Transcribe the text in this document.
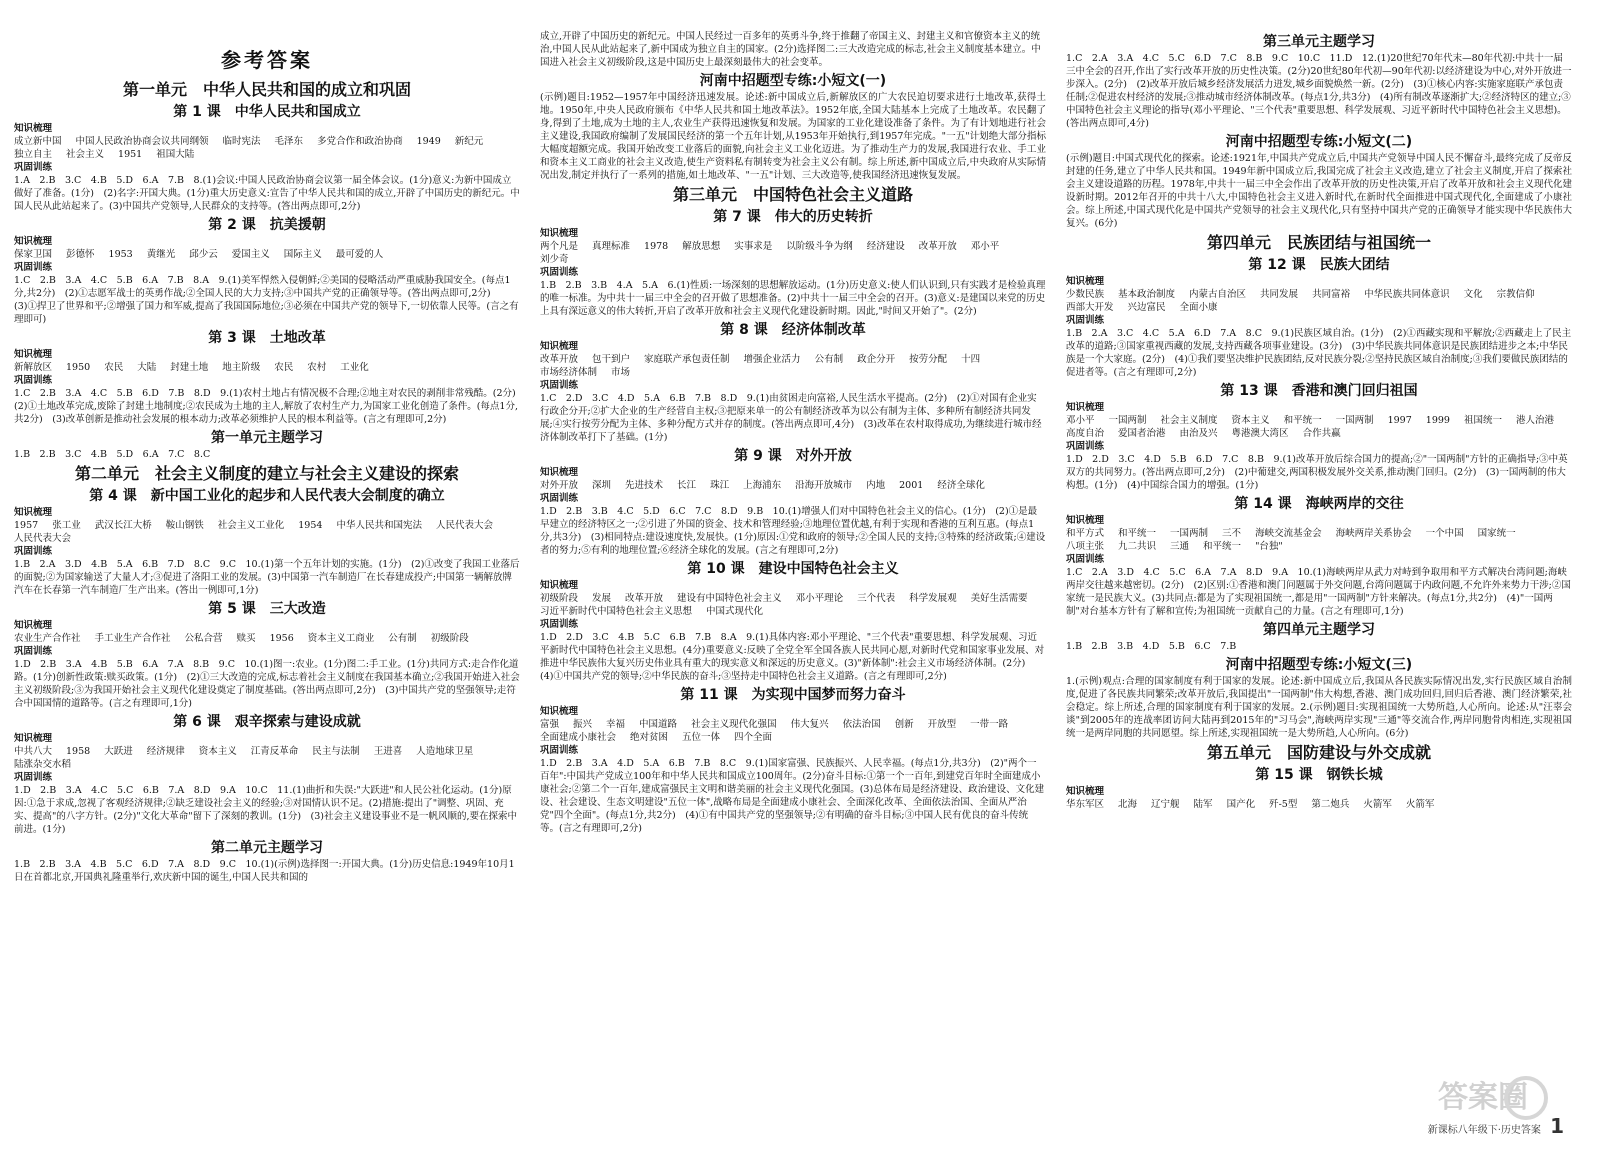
参考答案
第一单元　中华人民共和国的成立和巩固
第 1 课　中华人民共和国成立
知识梳理
成立新中国 中国人民政治协商会议共同纲领 临时宪法 毛泽东 多党合作和政治协商 1949 新纪元独立自主 社会主义 1951 祖国大陆
巩固训练
1.A　2.B　3.C　4.B　5.D　6.A　7.B　8.(1)会议:中国人民政治协商会议第一届全体会议。(1分)意义:为新中国成立做好了准备。(1分)　(2)名字:开国大典。(1分)重大历史意义:宣告了中华人民共和国的成立,开辟了中国历史的新纪元。中国人民从此站起来了。(3)中国共产党领导,人民群众的支持等。(答出两点即可,2分)
第 2 课　抗美援朝
知识梳理
保家卫国 彭德怀 1953 黄继光 邱少云 爱国主义 国际主义 最可爱的人
巩固训练
1.C　2.B　3.A　4.C　5.B　6.A　7.B　8.A　9.(1)美军悍然入侵朝鲜;②美国的侵略活动严重威胁我国安全。(每点1分,共2分)　(2)①志愿军战士的英勇作战;②全国人民的大力支持;③中国共产党的正确领导等。(答出两点即可,2分)　(3)①捍卫了世界和平;②增强了国力和军威,提高了我国国际地位;③必须在中国共产党的领导下,一切依靠人民等。(言之有理即可)
第 3 课　土地改革
知识梳理
新解放区 1950 农民 大陆 封建土地 地主阶级 农民 农村 工业化
巩固训练
1.C　2.B　3.A　4.C　5.B　6.D　7.B　8.D　9.(1)农村土地占有情况极不合理;②地主对农民的剥削非常残酷。(2分)　(2)①土地改革完成,废除了封建土地制度;②农民成为土地的主人,解放了农村生产力,为国家工业化创造了条件。(每点1分,共2分)　(3)改革创新是推动社会发展的根本动力;改革必须维护人民的根本利益等。(言之有理即可,2分)
第一单元主题学习
1.B　2.B　3.C　4.B　5.D　6.A　7.C　8.C
第二单元　社会主义制度的建立与社会主义建设的探索
第 4 课　新中国工业化的起步和人民代表大会制度的确立
知识梳理
1957 张工业 武汉长江大桥 鞍山钢铁 社会主义工业化 1954 中华人民共和国宪法 人民代表大会人民代表大会
巩固训练
1.B　2.A　3.D　4.B　5.A　6.B　7.D　8.C　9.C　10.(1)第一个五年计划的实施。(1分)　(2)①改变了我国工业落后的面貌;②为国家输送了大量人才;③促进了洛阳工业的发展。(3)中国第一汽车制造厂在长春建成投产;中国第一辆解放牌汽车在长春第一汽车制造厂生产出来。(答出一例即可,1分)
第 5 课　三大改造
知识梳理
农业生产合作社 手工业生产合作社 公私合营 赎买 1956 资本主义工商业 公有制 初级阶段
巩固训练
1.D　2.B　3.A　4.B　5.B　6.A　7.A　8.B　9.C　10.(1)图一:农业。(1分)图二:手工业。(1分)共同方式:走合作化道路。(1分)创新性政策:赎买政策。(1分)　(2)①三大改造的完成,标志着社会主义制度在我国基本确立;②我国开始进入社会主义初级阶段;③为我国开始社会主义现代化建设奠定了制度基础。(答出两点即可,2分)　(3)中国共产党的坚强领导;走符合中国国情的道路等。(言之有理即可,1分)
第 6 课　艰辛探索与建设成就
知识梳理
中共八大 1958 大跃进 经济规律 资本主义 江青反革命 民主与法制 王进喜 人造地球卫星陆涨杂交水稻
巩固训练
1.D　2.B　3.A　4.C　5.C　6.B　7.A　8.D　9.A　10.C　11.(1)曲折和失误:"大跃进"和人民公社化运动。(1分)原因:①急于求成,忽视了客观经济规律;②缺乏建设社会主义的经验;③对国情认识不足。(2)措施:提出了"调整、巩固、充实、提高"的八字方针。(2分)"文化大革命"留下了深刻的教训。(1分)　(3)社会主义建设事业不是一帆风顺的,要在探索中前进。(1分)
第二单元主题学习
1.B　2.B　3.A　4.B　5.C　6.D　7.A　8.D　9.C　10.(1)(示例)选择图一:开国大典。(1分)历史信息:1949年10月1日在首都北京,开国典礼隆重举行,欢庆新中国的诞生,中国人民共和国的
成立,开辟了中国历史的新纪元。中国人民经过一百多年的英勇斗争,终于推翻了帝国主义、封建主义和官僚资本主义的统治,中国人民从此站起来了,新中国成为独立自主的国家。(2分)选择图二:三大改造完成的标志,社会主义制度基本建立。中国进入社会主义初级阶段,这是中国历史上最深刻最伟大的社会变革。
河南中招题型专练:小短文(一)
(示例)题目:1952—1957年中国经济迅速发展。论述:新中国成立后,新解放区的广大农民迫切要求进行土地改革,获得土地。1950年,中央人民政府颁布《中华人民共和国土地改革法》。1952年底,全国大陆基本上完成了土地改革。农民翻了身,得到了土地,成为土地的主人,农业生产获得迅速恢复和发展。为国家的工业化建设准备了条件。为了有计划地进行社会主义建设,我国政府编制了发展国民经济的第一个五年计划,从1953年开始执行,到1957年完成。"一五"计划绝大部分指标大幅度超额完成。我国开始改变工业落后的面貌,向社会主义工业化迈进。为了推动生产力的发展,我国进行农业、手工业和资本主义工商业的社会主义改造,使生产资料私有制转变为社会主义公有制。综上所述,新中国成立后,中央政府从实际情况出发,制定并执行了一系列的措施,如土地改革、"一五"计划、三大改造等,使我国经济迅速恢复发展。
第三单元　中国特色社会主义道路
第 7 课　伟大的历史转折
知识梳理
两个凡是 真理标准 1978 解放思想 实事求是 以阶级斗争为纲 经济建设 改革开放 邓小平刘少奇
巩固训练
1.B　2.B　3.B　4.A　5.A　6.(1)性质:一场深刻的思想解放运动。(1分)历史意义:使人们认识到,只有实践才是检验真理的唯一标准。为中共十一届三中全会的召开做了思想准备。(2)中共十一届三中全会的召开。(3)意义:是建国以来党的历史上具有深远意义的伟大转折,开启了改革开放和社会主义现代化建设新时期。因此,"时间又开始了"。(2分)
第 8 课　经济体制改革
知识梳理
改革开放 包干到户 家庭联产承包责任制 增强企业活力 公有制 政企分开 按劳分配 十四市场经济体制 市场
巩固训练
1.C　2.D　3.C　4.D　5.A　6.B　7.B　8.D　9.(1)由贫困走向富裕,人民生活水平提高。(2分)　(2)①对国有企业实行政企分开;②扩大企业的生产经营自主权;③把原来单一的公有制经济改革为以公有制为主体、多种所有制经济共同发展;④实行按劳分配为主体、多种分配方式并存的制度。(答出两点即可,4分)　(3)改革在农村取得成功,为继续进行城市经济体制改革打下了基础。(1分)
第 9 课　对外开放
知识梳理
对外开放 深圳 先进技术 长江 珠江 上海浦东 沿海开放城市 内地 2001 经济全球化
巩固训练
1.D　2.B　3.B　4.C　5.D　6.C　7.C　8.D　9.B　10.(1)增强人们对中国特色社会主义的信心。(1分)　(2)①是最早建立的经济特区之一;②引进了外国的资金、技术和管理经验;③地理位置优越,有利于实现和香港的互利互惠。(每点1分,共3分)　(3)相同特点:建设速度快,发展快。(1分)原因:①党和政府的领导;②全国人民的支持;③特殊的经济政策;④建设者的努力;⑤有利的地理位置;⑥经济全球化的发展。(言之有理即可,2分)
第 10 课　建设中国特色社会主义
知识梳理
初级阶段 发展 改革开放 建设有中国特色社会主义 邓小平理论 三个代表 科学发展观 美好生活需要习近平新时代中国特色社会主义思想 中国式现代化
巩固训练
1.D　2.D　3.C　4.B　5.C　6.B　7.B　8.A　9.(1)具体内容:邓小平理论、"三个代表"重要思想、科学发展观、习近平新时代中国特色社会主义思想。(4分)重要意义:反映了全党全军全国各族人民共同心愿,对新时代党和国家事业发展、对推进中华民族伟大复兴历史伟业具有重大的现实意义和深远的历史意义。(3)"新体制":社会主义市场经济体制。(2分)　(4)①中国共产党的领导;②中华民族的奋斗;③坚持走中国特色社会主义道路。(言之有理即可,2分)
第 11 课　为实现中国梦而努力奋斗
知识梳理
富强 振兴 幸福 中国道路 社会主义现代化强国 伟大复兴 依法治国 创新 开放型 一带一路全面建成小康社会 绝对贫困 五位一体 四个全面
巩固训练
1.D　2.B　3.A　4.D　5.A　6.B　7.B　8.C　9.(1)国家富强、民族振兴、人民幸福。(每点1分,共3分)　(2)"两个一百年":中国共产党成立100年和中华人民共和国成立100周年。(2分)奋斗目标:①第一个一百年,到建党百年时全面建成小康社会;②第二个一百年,建成富强民主文明和谐美丽的社会主义现代化强国。(3)总体布局是经济建设、政治建设、文化建设、社会建设、生态文明建设"五位一体",战略布局是全面建成小康社会、全面深化改革、全面依法治国、全面从严治党"四个全面"。(每点1分,共2分)　(4)①有中国共产党的坚强领导;②有明确的奋斗目标;③中国人民有优良的奋斗传统等。(言之有理即可,2分)
第三单元主题学习
1.C　2.A　3.A　4.C　5.C　6.D　7.C　8.B　9.C　10.C　11.D　12.(1)20世纪70年代末—80年代初:中共十一届三中全会的召开,作出了实行改革开放的历史性决策。(2分)20世纪80年代初—90年代初:以经济建设为中心,对外开放进一步深入。(2分)　(2)改革开放后城乡经济发展活力迸发,城乡面貌焕然一新。(2分)　(3)①核心内容:实施家庭联产承包责任制;②促进农村经济的发展;③推动城市经济体制改革。(每点1分,共3分)　(4)所有制改革逐渐扩大;②经济特区的建立;③中国特色社会主义理论的指导(邓小平理论、"三个代表"重要思想、科学发展观、习近平新时代中国特色社会主义思想)。(答出两点即可,4分)
河南中招题型专练:小短文(二)
(示例)题目:中国式现代化的探索。论述:1921年,中国共产党成立后,中国共产党领导中国人民不懈奋斗,最终完成了反帝反封建的任务,建立了中华人民共和国。1949年新中国成立后,我国完成了社会主义改造,建立了社会主义制度,开启了探索社会主义建设道路的历程。1978年,中共十一届三中全会作出了改革开放的历史性决策,开启了改革开放和社会主义现代化建设新时期。2012年召开的中共十八大,中国特色社会主义进入新时代,在新时代全面推进中国式现代化,全面建成了小康社会。综上所述,中国式现代化是中国共产党领导的社会主义现代化,只有坚持中国共产党的正确领导才能实现中华民族伟大复兴。(6分)
第四单元　民族团结与祖国统一
第 12 课　民族大团结
知识梳理
少数民族 基本政治制度 内蒙古自治区 共同发展 共同富裕 中华民族共同体意识 文化 宗教信仰西部大开发 兴边富民 全面小康
巩固训练
1.B　2.A　3.C　4.C　5.A　6.D　7.A　8.C　9.(1)民族区域自治。(1分)　(2)①西藏实现和平解放;②西藏走上了民主改革的道路;③国家重视西藏的发展,支持西藏各项事业建设。(3分)　(3)中华民族共同体意识是民族团结进步之本;中华民族是一个大家庭。(2分)　(4)①我们要坚决维护民族团结,反对民族分裂;②坚持民族区域自治制度;③我们要做民族团结的促进者等。(言之有理即可,2分)
第 13 课　香港和澳门回归祖国
知识梳理
邓小平 一国两制 社会主义制度 资本主义 和平统一 一国两制 1997 1999 祖国统一 港人治港高度自治 爱国者治港 由治及兴 粤港澳大湾区 合作共赢
巩固训练
1.D　2.D　3.C　4.D　5.B　6.D　7.C　8.B　9.(1)改革开放后综合国力的提高;②"一国两制"方针的正确指导;③中英双方的共同努力。(答出两点即可,2分)　(2)中葡建交,两国积极发展外交关系,推动澳门回归。(2分)　(3)一国两制的伟大构想。(1分)　(4)中国综合国力的增强。(1分)
第 14 课　海峡两岸的交往
知识梳理
和平方式 和平统一 一国两制 三不 海峡交流基金会 海峡两岸关系协会 一个中国 国家统一八项主张 九二共识 三通 和平统一 "台独"
巩固训练
1.C　2.A　3.D　4.C　5.C　6.A　7.A　8.D　9.A　10.(1)海峡两岸从武力对峙到争取用和平方式解决台湾问题;海峡两岸交往越来越密切。(2分)　(2)区别:①香港和澳门问题属于外交问题,台湾问题属于内政问题,不允许外来势力干涉;②国家统一是民族大义。(3)共同点:都是为了实现祖国统一,都是用"一国两制"方针来解决。(每点1分,共2分)　(4)"一国两制"对台基本方针有了解和宣传;为祖国统一贡献自己的力量。(言之有理即可,1分)
第四单元主题学习
1.B　2.B　3.B　4.D　5.B　6.C　7.B
河南中招题型专练:小短文(三)
1.(示例)观点:合理的国家制度有利于国家的发展。论述:新中国成立后,我国从各民族实际情况出发,实行民族区域自治制度,促进了各民族共同繁荣;改革开放后,我国提出"一国两制"伟大构想,香港、澳门成功回归,回归后香港、澳门经济繁荣,社会稳定。综上所述,合理的国家制度有利于国家的发展。2.(示例)题目:实现祖国统一大势所趋,人心所向。论述:从"汪辜会谈"到2005年的连战率团访问大陆再到2015年的"习马会",海峡两岸实现"三通"等交流合作,两岸同胞骨肉相连,实现祖国统一是两岸同胞的共同愿望。综上所述,实现祖国统一是大势所趋,人心所向。(6分)
第五单元　国防建设与外交成就
第 15 课　钢铁长城
知识梳理
华东军区 北海 辽宁舰 陆军 国产化 歼-5型 第二炮兵 火箭军 火箭军
答案圈
新课标八年级下·历史答案 1
